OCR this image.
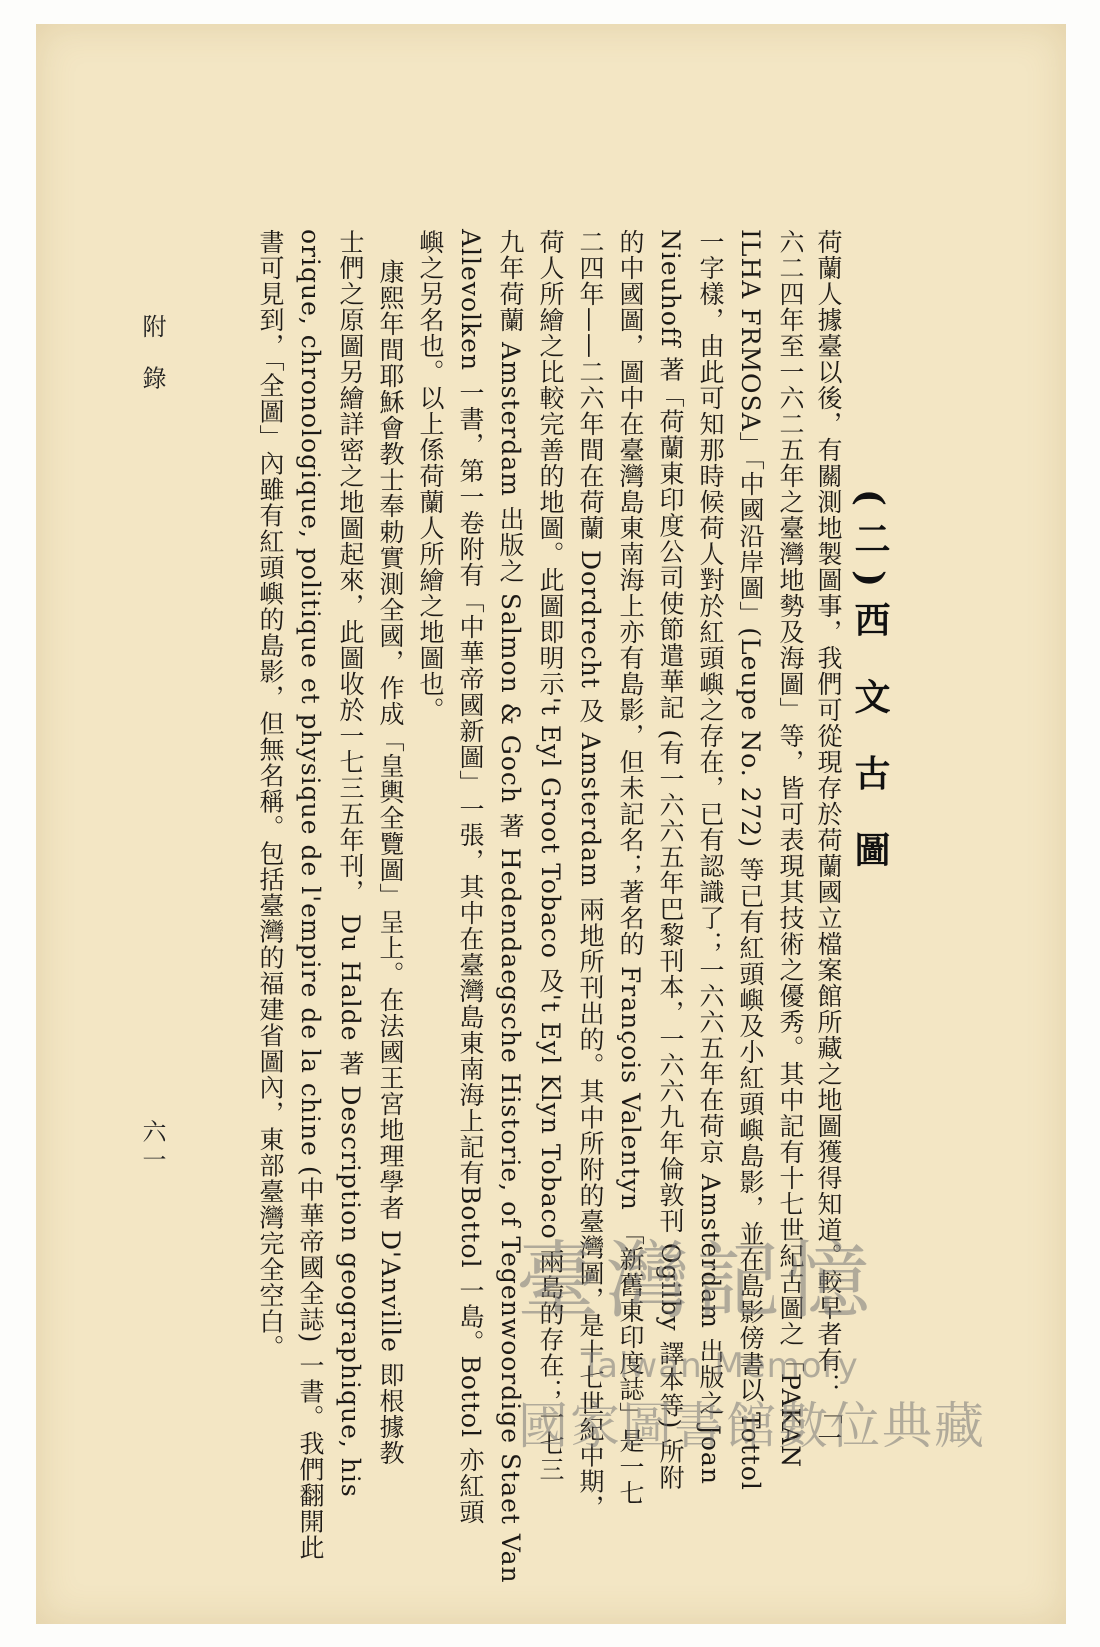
(二)西 文 古 圖
荷蘭人據臺以後，有關測地製圖事，我們可從現存於荷蘭國立檔案館所藏之地圖獲得知道。較早者有：「一
六二四年至一六二五年之臺灣地勢及海圖」等，皆可表現其技術之優秀。其中記有十七世紀古圖之「PAKAN
ILHA FRMOSA」「中國沿岸圖」(Leupe No. 272) 等已有紅頭嶼及小紅頭嶼島影，並在島影傍書以 Tottol
一字樣，由此可知那時候荷人對於紅頭嶼之存在，已有認識了；一六六五年在荷京 Amsterdam 出版之 Joan
Nieuhoff 著「荷蘭東印度公司使節遣華記 (有一六六五年巴黎刊本，一六六九年倫敦刊 Ogilby 譯本等) 所附
的中國圖，圖中在臺灣島東南海上亦有島影，但未記名；著名的 François Valentyn 「新舊東印度誌」是一七
二四年——二六年間在荷蘭 Dordrecht 及 Amsterdam 兩地所刊出的。其中所附的臺灣圖，是十七世紀中期，
荷人所繪之比較完善的地圖。此圖即明示't Eyl Groot Tobaco 及't Eyl Klyn Tobaco 兩島的存在；一七三
九年荷蘭 Amsterdam 出版之 Salmon & Goch 著 Hedendaegsche Historie, of Tegenwoordige Staet Van
Allevolken 一書，第一卷附有「中華帝國新圖」一張，其中在臺灣島東南海上記有Bottol 一島。Bottol 亦紅頭
嶼之另名也。以上係荷蘭人所繪之地圖也。
康熙年間耶穌會教士奉勅實測全國，作成「皇輿全覽圖」呈上。在法國王宮地理學者 D'Anville 即根據教
士們之原圖另繪詳密之地圖起來，此圖收於一七三五年刊， Du Halde 著 Description geographique, his
orique, chronologique, politique et physique de l'empire de la chine (中華帝國全誌) 一書。我們翻開此
書可見到，「全圖」內雖有紅頭嶼的島影，但無名稱。包括臺灣的福建省圖內，東部臺灣完全空白。
附 錄
六一
臺灣記憶
Taiwan Memory
國家圖書館數位典藏
